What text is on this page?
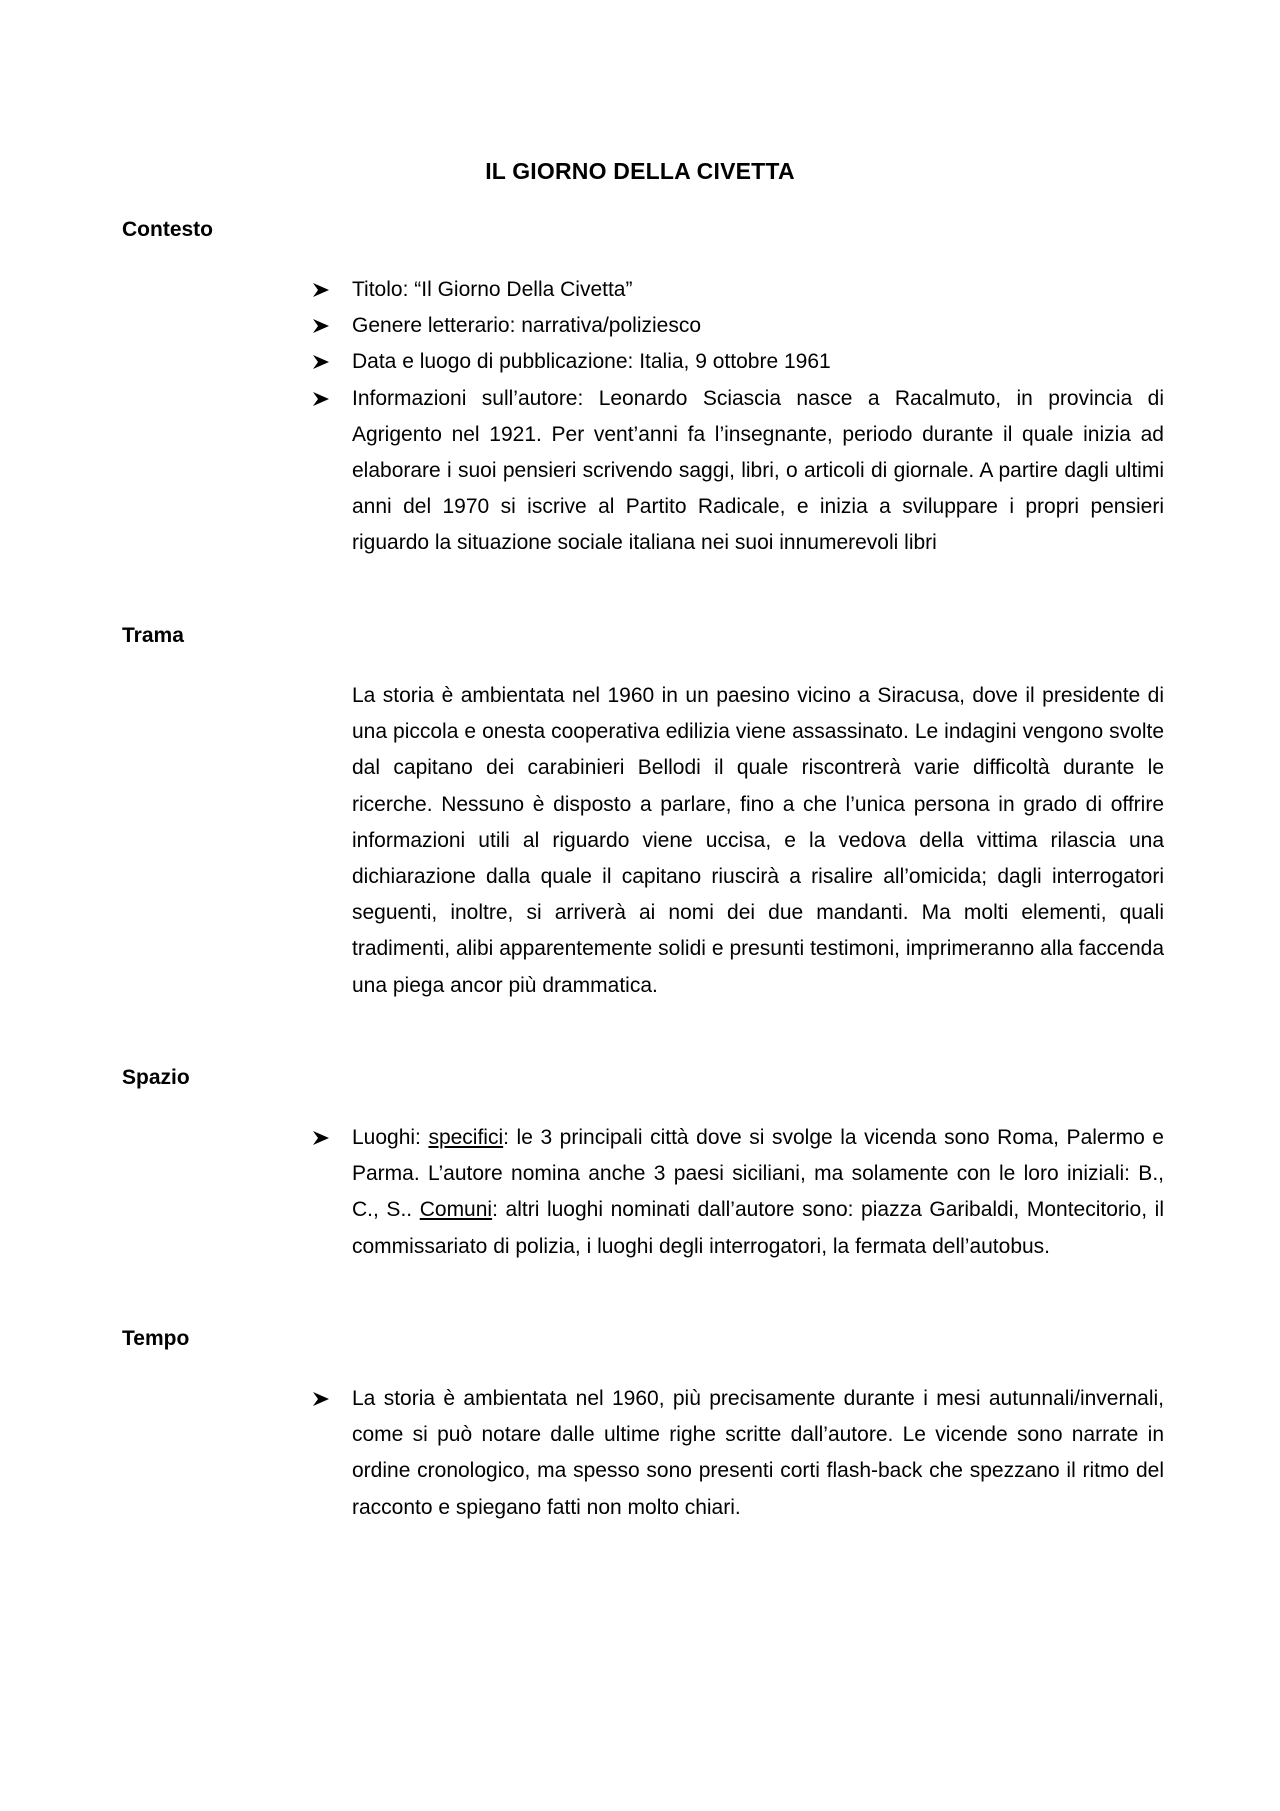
IL GIORNO DELLA CIVETTA
Contesto
Titolo: “Il Giorno Della Civetta”
Genere letterario: narrativa/poliziesco
Data e luogo di pubblicazione: Italia, 9 ottobre 1961
Informazioni sull’autore: Leonardo Sciascia nasce a Racalmuto, in provincia di Agrigento nel 1921. Per vent’anni fa l’insegnante, periodo durante il quale inizia ad elaborare i suoi pensieri scrivendo saggi, libri, o articoli di giornale. A partire dagli ultimi anni del 1970 si iscrive al Partito Radicale, e inizia a sviluppare i propri pensieri riguardo la situazione sociale italiana nei suoi innumerevoli libri
Trama

La storia è ambientata nel 1960 in un paesino vicino a Siracusa, dove il presidente di una piccola e onesta cooperativa edilizia viene assassinato. Le indagini vengono svolte dal capitano dei carabinieri Bellodi il quale riscontrerà varie difficoltà durante le ricerche. Nessuno è disposto a parlare, fino a che l’unica persona in grado di offrire informazioni utili al riguardo viene uccisa, e la vedova della vittima rilascia una dichiarazione dalla quale il capitano riuscirà a risalire all’omicida; dagli interrogatori seguenti, inoltre, si arriverà ai nomi dei due mandanti. Ma molti elementi, quali tradimenti, alibi apparentemente solidi e presunti testimoni, imprimeranno alla faccenda una piega ancor più drammatica.

Spazio
Luoghi: specifici: le 3 principali città dove si svolge la vicenda sono Roma, Palermo e Parma. L’autore nomina anche 3 paesi siciliani, ma solamente con le loro iniziali: B., C., S.. Comuni: altri luoghi nominati dall’autore sono: piazza Garibaldi, Montecitorio, il commissariato di polizia, i luoghi degli interrogatori, la fermata dell’autobus.
Tempo
La storia è ambientata nel 1960, più precisamente durante i mesi autunnali/invernali, come si può notare dalle ultime righe scritte dall’autore. Le vicende sono narrate in ordine cronologico, ma spesso sono presenti corti flash-back che spezzano il ritmo del racconto e spiegano fatti non molto chiari.
